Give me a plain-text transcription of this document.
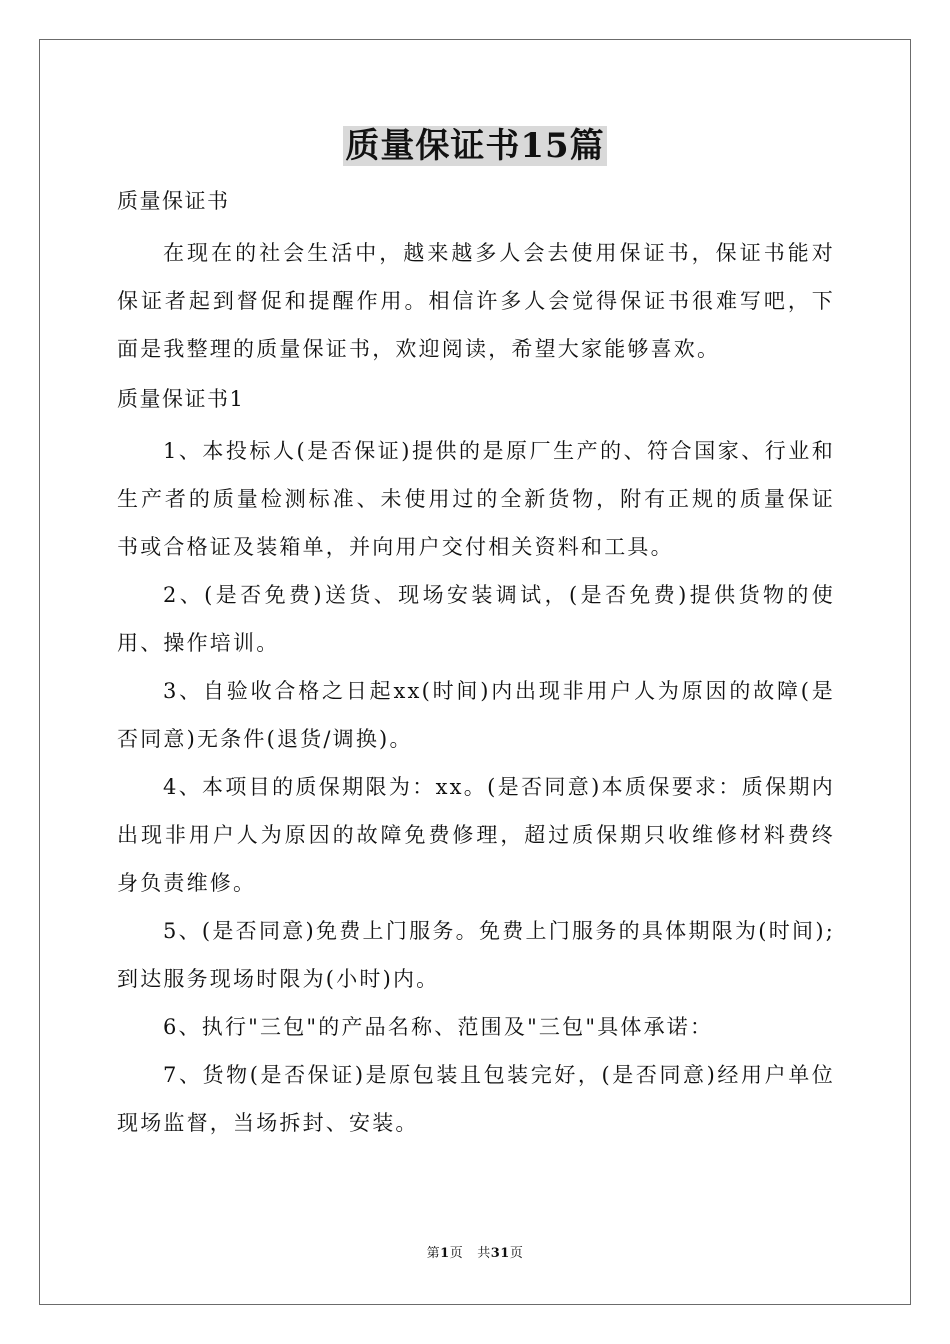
质量保证书15篇

质量保证书

在现在的社会生活中，越来越多人会去使用保证书，保证书能对保证者起到督促和提醒作用。相信许多人会觉得保证书很难写吧，下面是我整理的质量保证书，欢迎阅读，希望大家能够喜欢。

质量保证书1

1、本投标人(是否保证)提供的是原厂生产的、符合国家、行业和生产者的质量检测标准、未使用过的全新货物，附有正规的质量保证书或合格证及装箱单，并向用户交付相关资料和工具。

2、(是否免费)送货、现场安装调试，(是否免费)提供货物的使用、操作培训。

3、自验收合格之日起xx(时间)内出现非用户人为原因的故障(是否同意)无条件(退货/调换)。

4、本项目的质保期限为：xx。(是否同意)本质保要求：质保期内出现非用户人为原因的故障免费修理，超过质保期只收维修材料费终身负责维修。

5、(是否同意)免费上门服务。免费上门服务的具体期限为(时间);到达服务现场时限为(小时)内。

6、执行"三包"的产品名称、范围及"三包"具体承诺：

7、货物(是否保证)是原包装且包装完好，(是否同意)经用户单位现场监督，当场拆封、安装。

第1页 共31页
